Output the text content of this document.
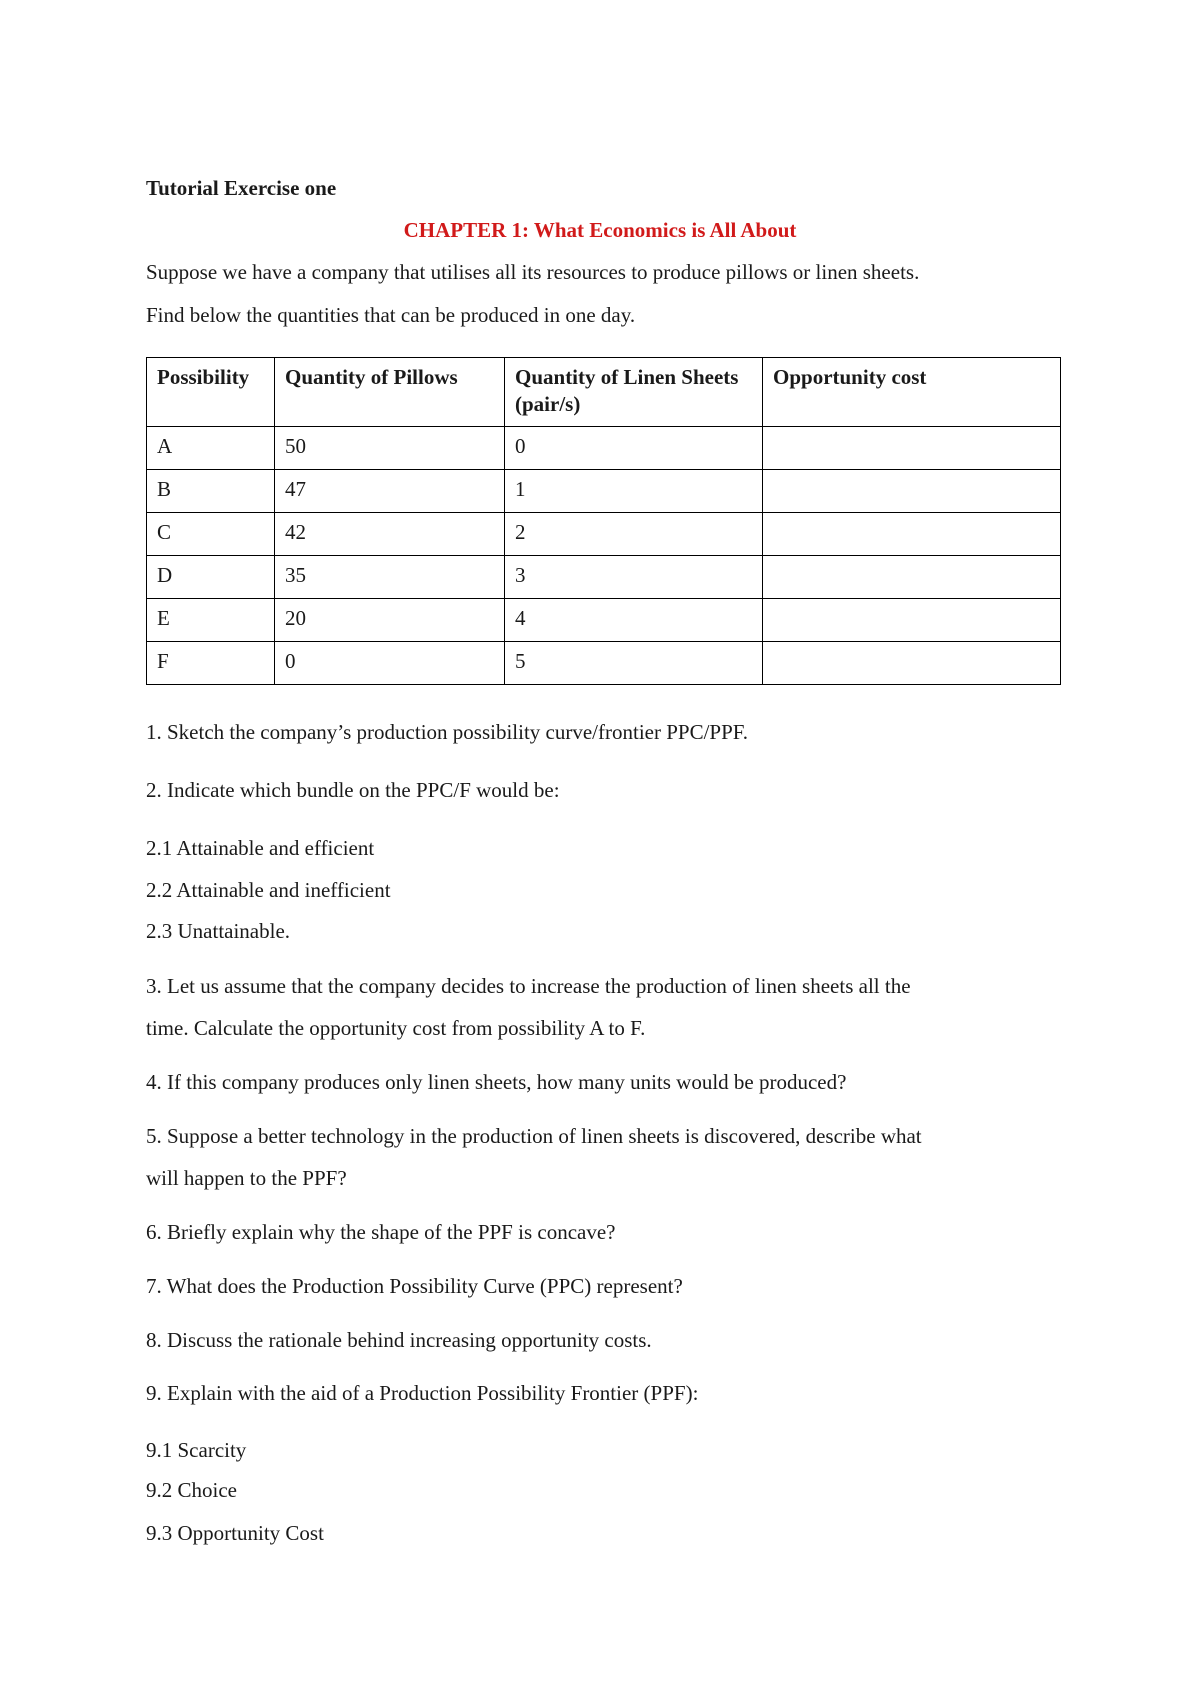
Tutorial Exercise one
CHAPTER 1: What Economics is All About
Suppose we have a company that utilises all its resources to produce pillows or linen sheets.
Find below the quantities that can be produced in one day.
Possibility	Quantity of Pillows	Quantity of Linen Sheets (pair/s)	Opportunity cost
A	50	0	
B	47	1	
C	42	2	
D	35	3	
E	20	4	
F	0	5	
1. Sketch the company’s production possibility curve/frontier PPC/PPF.
2. Indicate which bundle on the PPC/F would be:
2.1 Attainable and efficient
2.2 Attainable and inefficient
2.3 Unattainable.
3. Let us assume that the company decides to increase the production of linen sheets all the
time. Calculate the opportunity cost from possibility A to F.
4. If this company produces only linen sheets, how many units would be produced?
5. Suppose a better technology in the production of linen sheets is discovered, describe what
will happen to the PPF?
6. Briefly explain why the shape of the PPF is concave?
7. What does the Production Possibility Curve (PPC) represent?
8. Discuss the rationale behind increasing opportunity costs.
9. Explain with the aid of a Production Possibility Frontier (PPF):
9.1 Scarcity
9.2 Choice
9.3 Opportunity Cost
